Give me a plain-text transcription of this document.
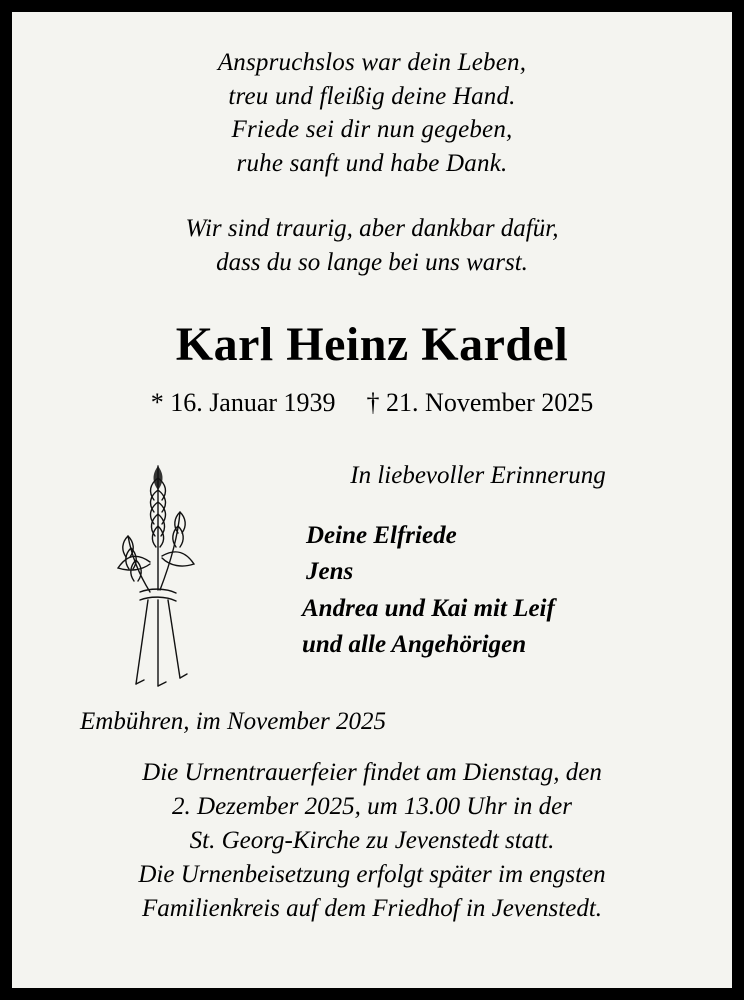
Anspruchslos war dein Leben,
treu und fleißig deine Hand.
Friede sei dir nun gegeben,
ruhe sanft und habe Dank.
Wir sind traurig, aber dankbar dafür,
dass du so lange bei uns warst.
Karl Heinz Kardel
* 16. Januar 1939 † 21. November 2025
In liebevoller Erinnerung
Deine Elfriede
Jens
Andrea und Kai mit Leif
und alle Angehörigen
Embühren, im November 2025
Die Urnentrauerfeier findet am Dienstag, den
2. Dezember 2025, um 13.00 Uhr in der
St. Georg-Kirche zu Jevenstedt statt.
Die Urnenbeisetzung erfolgt später im engsten
Familienkreis auf dem Friedhof in Jevenstedt.
